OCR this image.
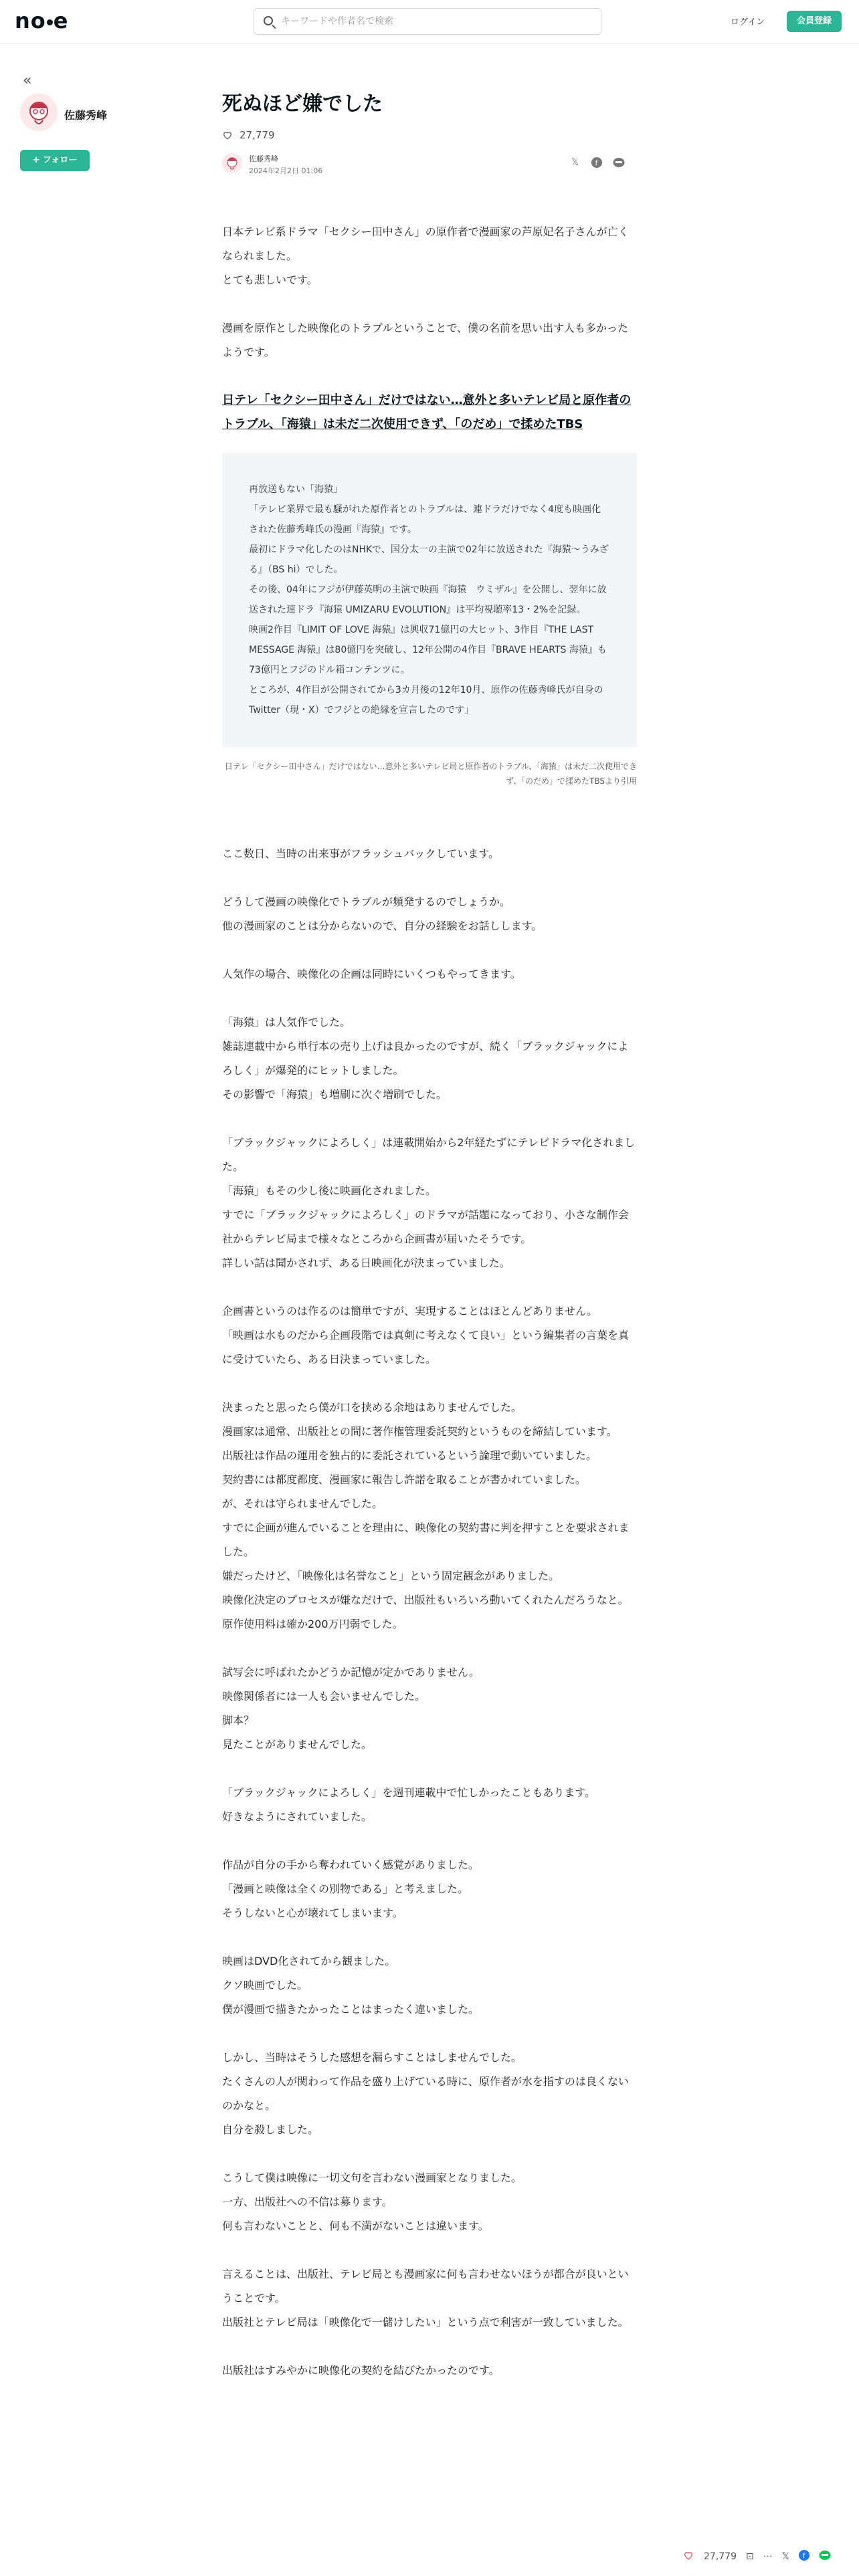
no e
キーワードや作者名で検索	ログイン	会員登録
«
佐藤秀峰
+ フォロー
死ぬほど嫌でした
27,779
佐藤秀峰
2024年2月2日 01:06
𝕏 f

日本テレビ系ドラマ「セクシー田中さん」の原作者で漫画家の芦原妃名子さんが亡くなられました。
とても悲しいです。

漫画を原作とした映像化のトラブルということで、僕の名前を思い出す人も多かったようです。

日テレ「セクシー田中さん」だけではない…意外と多いテレビ局と原作者のトラブル、「海猿」は未だ二次使用できず、「のだめ」で揉めたTBS
再放送もない「海猿」
「テレビ業界で最も騒がれた原作者とのトラブルは、連ドラだけでなく4度も映画化された佐藤秀峰氏の漫画『海猿』です。
最初にドラマ化したのはNHKで、国分太一の主演で02年に放送された『海猿～うみざる』（BS hi）でした。
その後、04年にフジが伊藤英明の主演で映画『海猿　ウミザル』を公開し、翌年に放送された連ドラ『海猿 UMIZARU EVOLUTION』は平均視聴率13・2%を記録。
映画2作目『LIMIT OF LOVE 海猿』は興収71億円の大ヒット、3作目『THE LAST MESSAGE 海猿』は80億円を突破し、12年公開の4作目『BRAVE HEARTS 海猿』も73億円とフジのドル箱コンテンツに。
ところが、4作目が公開されてから3カ月後の12年10月、原作の佐藤秀峰氏が自身のTwitter（現・X）でフジとの絶縁を宣言したのです」
日テレ「セクシー田中さん」だけではない…意外と多いテレビ局と原作者のトラブル、「海猿」は未だ二次使用できず、「のだめ」で揉めたTBSより引用

ここ数日、当時の出来事がフラッシュバックしています。

どうして漫画の映像化でトラブルが頻発するのでしょうか。
他の漫画家のことは分からないので、自分の経験をお話しします。

人気作の場合、映像化の企画は同時にいくつもやってきます。

「海猿」は人気作でした。
雑誌連載中から単行本の売り上げは良かったのですが、続く「ブラックジャックによろしく」が爆発的にヒットしました。
その影響で「海猿」も増刷に次ぐ増刷でした。

「ブラックジャックによろしく」は連載開始から2年経たずにテレビドラマ化されました。
「海猿」もその少し後に映画化されました。
すでに「ブラックジャックによろしく」のドラマが話題になっており、小さな制作会社からテレビ局まで様々なところから企画書が届いたそうです。
詳しい話は聞かされず、ある日映画化が決まっていました。

企画書というのは作るのは簡単ですが、実現することはほとんどありません。
「映画は水ものだから企画段階では真剣に考えなくて良い」という編集者の言葉を真に受けていたら、ある日決まっていました。

決まったと思ったら僕が口を挟める余地はありませんでした。
漫画家は通常、出版社との間に著作権管理委託契約というものを締結しています。
出版社は作品の運用を独占的に委託されているという論理で動いていました。
契約書には都度都度、漫画家に報告し許諾を取ることが書かれていました。
が、それは守られませんでした。
すでに企画が進んでいることを理由に、映像化の契約書に判を押すことを要求されました。
嫌だったけど、「映像化は名誉なこと」という固定観念がありました。
映像化決定のプロセスが嫌なだけで、出版社もいろいろ動いてくれたんだろうなと。
原作使用料は確か200万円弱でした。

試写会に呼ばれたかどうか記憶が定かでありません。
映像関係者には一人も会いませんでした。
脚本？
見たことがありませんでした。

「ブラックジャックによろしく」を週刊連載中で忙しかったこともあります。
好きなようにされていました。

作品が自分の手から奪われていく感覚がありました。
「漫画と映像は全くの別物である」と考えました。
そうしないと心が壊れてしまいます。

映画はDVD化されてから観ました。
クソ映画でした。
僕が漫画で描きたかったことはまったく違いました。

しかし、当時はそうした感想を漏らすことはしませんでした。
たくさんの人が関わって作品を盛り上げている時に、原作者が水を指すのは良くないのかなと。
自分を殺しました。

こうして僕は映像に一切文句を言わない漫画家となりました。
一方、出版社への不信は募ります。
何も言わないことと、何も不満がないことは違います。

言えることは、出版社、テレビ局とも漫画家に何も言わせないほうが都合が良いということです。
出版社とテレビ局は「映像化で一儲けしたい」という点で利害が一致していました。

出版社はすみやかに映像化の契約を結びたかったのです。

27,779 ⊡ ⋯ 𝕏 f
